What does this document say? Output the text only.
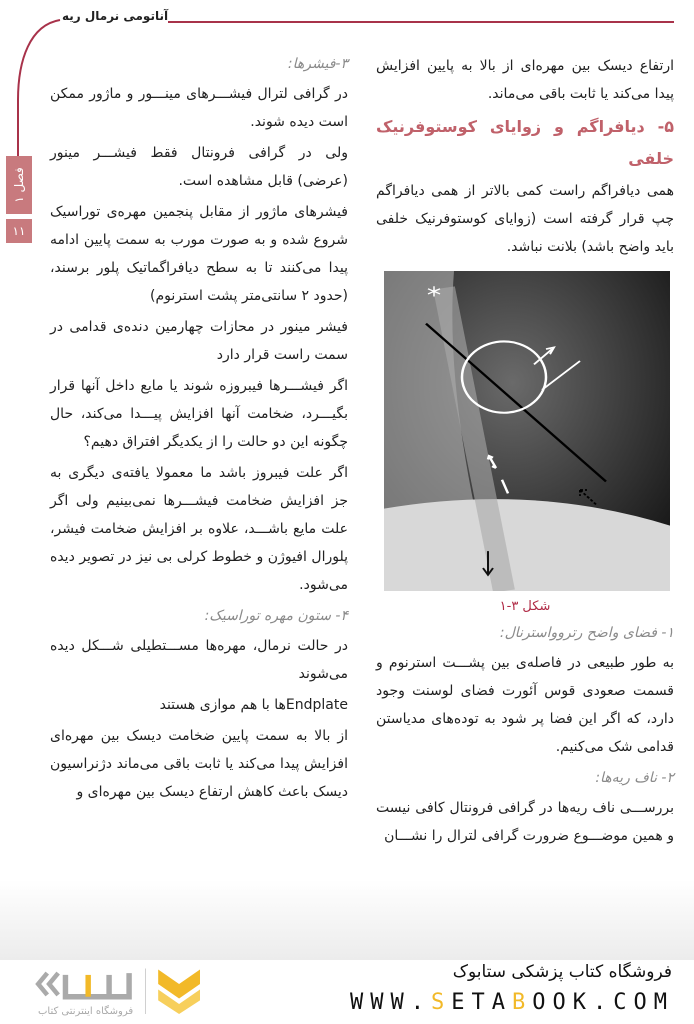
آناتومی نرمال ریه
فصل ۱
۱۱

ارتفاع دیسک بین مهره‌ای از بالا به پایین افزایش پیدا می‌کند یا ثابت باقی می‌ماند.

۵- دیافراگم و زوایای کوستوفرنیک خلفی

همی دیافراگم راست کمی بالاتر از همی دیافراگم چپ قرار گرفته است (زوایای کوستوفرنیک خلفی باید واضح باشد) بلانت نباشد.

شکل ۳-۱
۱- فضای واضح رتروواسترنال:

به طور طبیعی در فاصله‌ی بین پشـــت استرنوم و قسمت صعودی قوس آئورت فضای لوسنت وجود دارد، که اگر این فضا پر شود به توده‌های مدیاستن قدامی شک می‌کنیم.

۲- ناف ریه‌ها:

بررســـی ناف ریه‌ها در گرافی فرونتال کافی نیست و همین موضـــوع ضرورت گرافی لترال را نشـــان

۳-فیشرها:

در گرافی لترال فیشـــرهای مینـــور و ماژور ممکن است دیده شوند.

ولی در گرافی فرونتال فقط فیشـــر مینور (عرضی) قابل مشاهده است.

فیشرهای ماژور از مقابل پنجمین مهره‌ی توراسیک شروع شده و به صورت مورب به سمت پایین ادامه پیدا می‌کنند تا به سطح دیافراگماتیک پلور برسند، (حدود ۲ سانتی‌متر پشت استرنوم)

فیشر مینور در محازات چهارمین دنده‌ی قدامی در سمت راست قرار دارد

اگر فیشـــرها فیبروزه شوند یا مایع داخل آنها قرار بگیـــرد، ضخامت آنها افزایش پیـــدا می‌کند، حال چگونه این دو حالت را از یکدیگر افتراق دهیم؟

اگر علت فیبروز باشد ما معمولا یافته‌ی دیگری به جز افزایش ضخامت فیشـــرها نمی‌بینیم ولی اگر علت مایع باشـــد، علاوه بر افزایش ضخامت فیشر، پلورال افیوژن و خطوط کرلی بی نیز در تصویر دیده می‌شود.

۴- ستون مهره توراسیک:

در حالت نرمال، مهره‌ها مســـتطیلی شـــکل دیده می‌شوند

Endplateها با هم موازی هستند

از بالا به سمت پایین ضخامت دیسک بین مهره‌ای افزایش پیدا می‌کند یا ثابت باقی می‌ماند دژنراسیون دیسک باعث کاهش ارتفاع دیسک بین مهره‌ای و

فروشگاه اینترنتی کتاب
فروشگاه کتاب پزشکی ستابوک
WWW.SETABOOK.COM
